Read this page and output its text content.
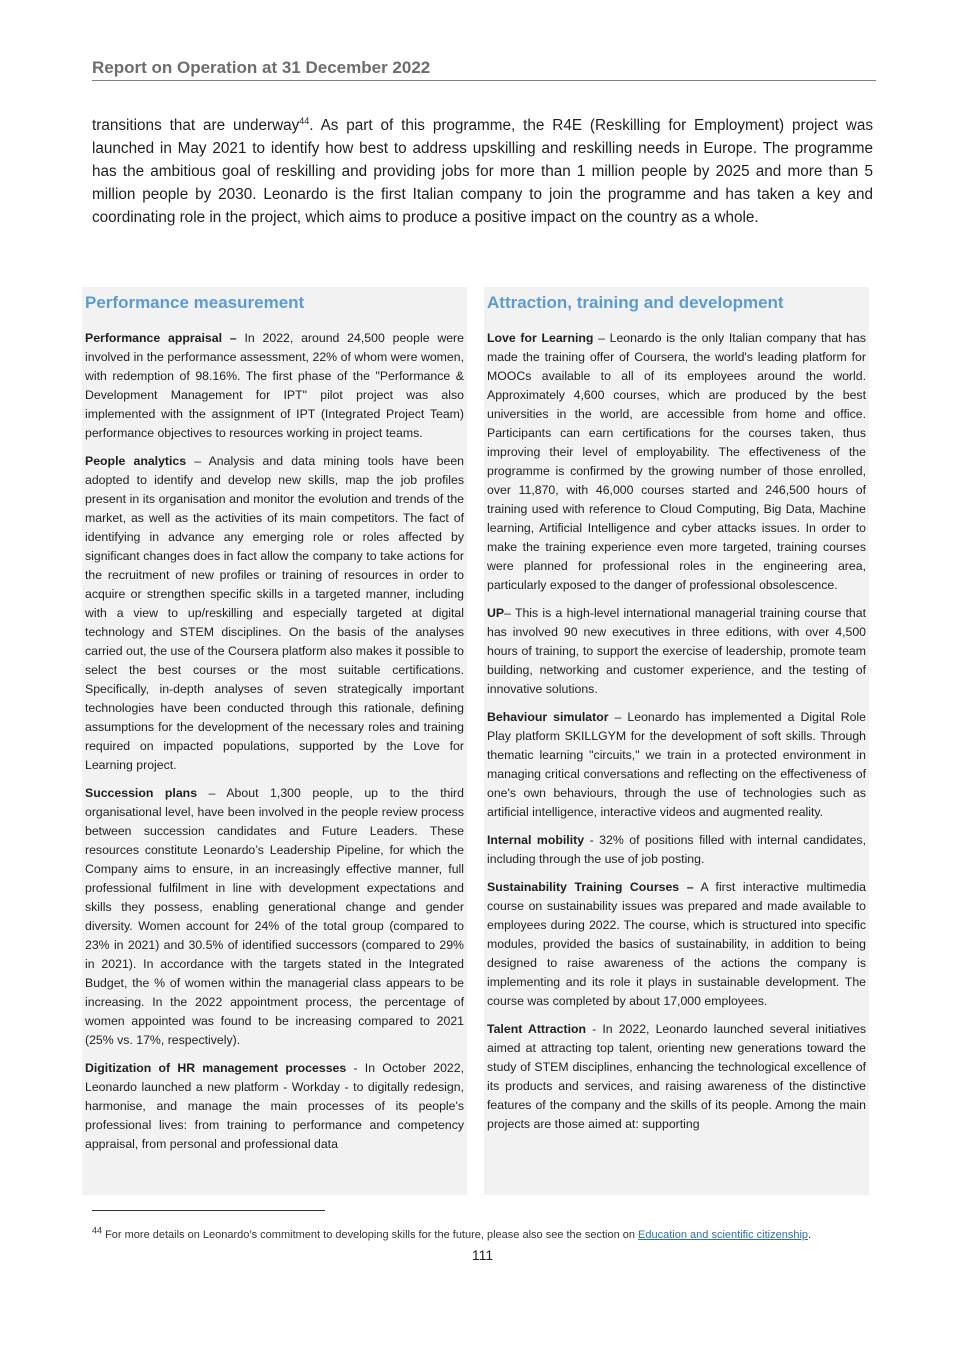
Report on Operation at 31 December 2022
transitions that are underway$^{44}$. As part of this programme, the R4E (Reskilling for Employment) project was launched in May 2021 to identify how best to address upskilling and reskilling needs in Europe. The programme has the ambitious goal of reskilling and providing jobs for more than 1 million people by 2025 and more than 5 million people by 2030. Leonardo is the first Italian company to join the programme and has taken a key and coordinating role in the project, which aims to produce a positive impact on the country as a whole.
Performance measurement

Performance appraisal – In 2022, around 24,500 people were involved in the performance assessment, 22% of whom were women, with redemption of 98.16%. The first phase of the "Performance & Development Management for IPT" pilot project was also implemented with the assignment of IPT (Integrated Project Team) performance objectives to resources working in project teams.

People analytics – Analysis and data mining tools have been adopted to identify and develop new skills, map the job profiles present in its organisation and monitor the evolution and trends of the market, as well as the activities of its main competitors. The fact of identifying in advance any emerging role or roles affected by significant changes does in fact allow the company to take actions for the recruitment of new profiles or training of resources in order to acquire or strengthen specific skills in a targeted manner, including with a view to up/reskilling and especially targeted at digital technology and STEM disciplines. On the basis of the analyses carried out, the use of the Coursera platform also makes it possible to select the best courses or the most suitable certifications. Specifically, in-depth analyses of seven strategically important technologies have been conducted through this rationale, defining assumptions for the development of the necessary roles and training required on impacted populations, supported by the Love for Learning project.

Succession plans – About 1,300 people, up to the third organisational level, have been involved in the people review process between succession candidates and Future Leaders. These resources constitute Leonardo’s Leadership Pipeline, for which the Company aims to ensure, in an increasingly effective manner, full professional fulfilment in line with development expectations and skills they possess, enabling generational change and gender diversity. Women account for 24% of the total group (compared to 23% in 2021) and 30.5% of identified successors (compared to 29% in 2021). In accordance with the targets stated in the Integrated Budget, the % of women within the managerial class appears to be increasing. In the 2022 appointment process, the percentage of women appointed was found to be increasing compared to 2021 (25% vs. 17%, respectively).

Digitization of HR management processes - In October 2022, Leonardo launched a new platform - Workday - to digitally redesign, harmonise, and manage the main processes of its people's professional lives: from training to performance and competency appraisal, from personal and professional data

Attraction, training and development

Love for Learning – Leonardo is the only Italian company that has made the training offer of Coursera, the world's leading platform for MOOCs available to all of its employees around the world. Approximately 4,600 courses, which are produced by the best universities in the world, are accessible from home and office. Participants can earn certifications for the courses taken, thus improving their level of employability. The effectiveness of the programme is confirmed by the growing number of those enrolled, over 11,870, with 46,000 courses started and 246,500 hours of training used with reference to Cloud Computing, Big Data, Machine learning, Artificial Intelligence and cyber attacks issues. In order to make the training experience even more targeted, training courses were planned for professional roles in the engineering area, particularly exposed to the danger of professional obsolescence.

UP– This is a high-level international managerial training course that has involved 90 new executives in three editions, with over 4,500 hours of training, to support the exercise of leadership, promote team building, networking and customer experience, and the testing of innovative solutions.

Behaviour simulator – Leonardo has implemented a Digital Role Play platform SKILLGYM for the development of soft skills. Through thematic learning "circuits," we train in a protected environment in managing critical conversations and reflecting on the effectiveness of one's own behaviours, through the use of technologies such as artificial intelligence, interactive videos and augmented reality.

Internal mobility - 32% of positions filled with internal candidates, including through the use of job posting.

Sustainability Training Courses – A first interactive multimedia course on sustainability issues was prepared and made available to employees during 2022. The course, which is structured into specific modules, provided the basics of sustainability, in addition to being designed to raise awareness of the actions the company is implementing and its role it plays in sustainable development. The course was completed by about 17,000 employees.

Talent Attraction - In 2022, Leonardo launched several initiatives aimed at attracting top talent, orienting new generations toward the study of STEM disciplines, enhancing the technological excellence of its products and services, and raising awareness of the distinctive features of the company and the skills of its people. Among the main projects are those aimed at: supporting

$^{44}$ For more details on Leonardo’s commitment to developing skills for the future, please also see the section on Education and scientific citizenship.
111
